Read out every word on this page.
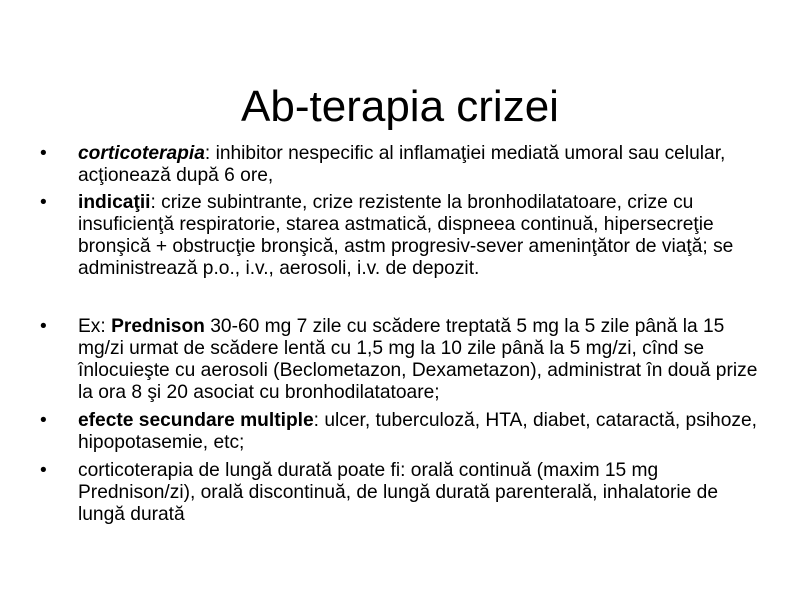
Ab-terapia crizei
•	corticoterapia: inhibitor nespecific al inflamaţiei mediată umoral sau celular, acţionează după 6 ore,
•	indicaţii: crize subintrante, crize rezistente la bronhodilatatoare, crize cu insuficienţă respiratorie, starea astmatică, dispneea continuă, hipersecreţie bronşică + obstrucţie bronşică, astm progresiv-sever ameninţător de viaţă; se administrează p.o., i.v., aerosoli, i.v. de depozit.
•	Ex: Prednison 30-60 mg 7 zile cu scădere treptată 5 mg la 5 zile până la 15 mg/zi urmat de scădere lentă cu 1,5 mg la 10 zile până la 5 mg/zi, cînd se înlocuieşte cu aerosoli (Beclometazon, Dexametazon), administrat în două prize la ora 8 şi 20 asociat cu bronhodilatatoare;
•	efecte secundare multiple: ulcer, tuberculoză, HTA, diabet, cataractă, psihoze, hipopotasemie, etc;
•	corticoterapia de lungă durată poate fi: orală continuă (maxim 15 mg Prednison/zi), orală discontinuă, de lungă durată parenterală, inhalatorie de lungă durată
